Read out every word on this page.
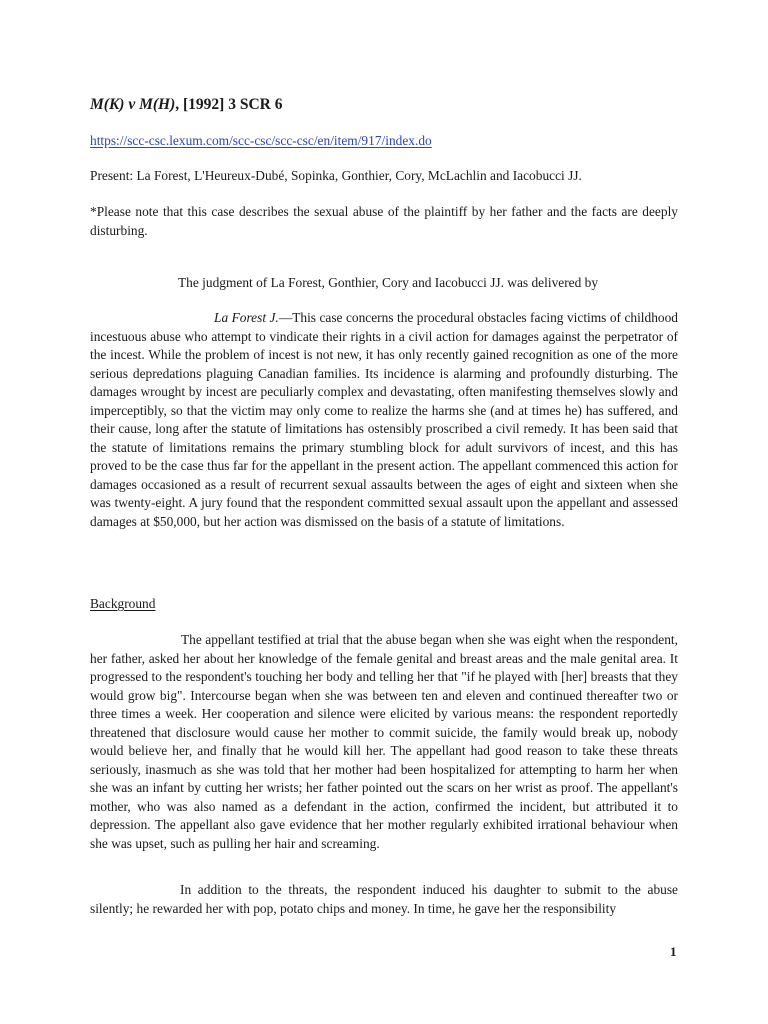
M(K) v M(H), [1992] 3 SCR 6
https://scc-csc.lexum.com/scc-csc/scc-csc/en/item/917/index.do

Present: La Forest, L'Heureux-Dubé, Sopinka, Gonthier, Cory, McLachlin and Iacobucci JJ.

*Please note that this case describes the sexual abuse of the plaintiff by her father and the facts are deeply disturbing.

The judgment of La Forest, Gonthier, Cory and Iacobucci JJ. was delivered by

La Forest J.—This case concerns the procedural obstacles facing victims of childhood incestuous abuse who attempt to vindicate their rights in a civil action for damages against the perpetrator of the incest. While the problem of incest is not new, it has only recently gained recognition as one of the more serious depredations plaguing Canadian families. Its incidence is alarming and profoundly disturbing. The damages wrought by incest are peculiarly complex and devastating, often manifesting themselves slowly and imperceptibly, so that the victim may only come to realize the harms she (and at times he) has suffered, and their cause, long after the statute of limitations has ostensibly proscribed a civil remedy. It has been said that the statute of limitations remains the primary stumbling block for adult survivors of incest, and this has proved to be the case thus far for the appellant in the present action. The appellant commenced this action for damages occasioned as a result of recurrent sexual assaults between the ages of eight and sixteen when she was twenty-eight. A jury found that the respondent committed sexual assault upon the appellant and assessed damages at $50,000, but her action was dismissed on the basis of a statute of limitations.

Background

The appellant testified at trial that the abuse began when she was eight when the respondent, her father, asked her about her knowledge of the female genital and breast areas and the male genital area. It progressed to the respondent's touching her body and telling her that "if he played with [her] breasts that they would grow big". Intercourse began when she was between ten and eleven and continued thereafter two or three times a week. Her cooperation and silence were elicited by various means: the respondent reportedly threatened that disclosure would cause her mother to commit suicide, the family would break up, nobody would believe her, and finally that he would kill her. The appellant had good reason to take these threats seriously, inasmuch as she was told that her mother had been hospitalized for attempting to harm her when she was an infant by cutting her wrists; her father pointed out the scars on her wrist as proof. The appellant's mother, who was also named as a defendant in the action, confirmed the incident, but attributed it to depression. The appellant also gave evidence that her mother regularly exhibited irrational behaviour when she was upset, such as pulling her hair and screaming.

In addition to the threats, the respondent induced his daughter to submit to the abuse silently; he rewarded her with pop, potato chips and money. In time, he gave her the responsibility

1
